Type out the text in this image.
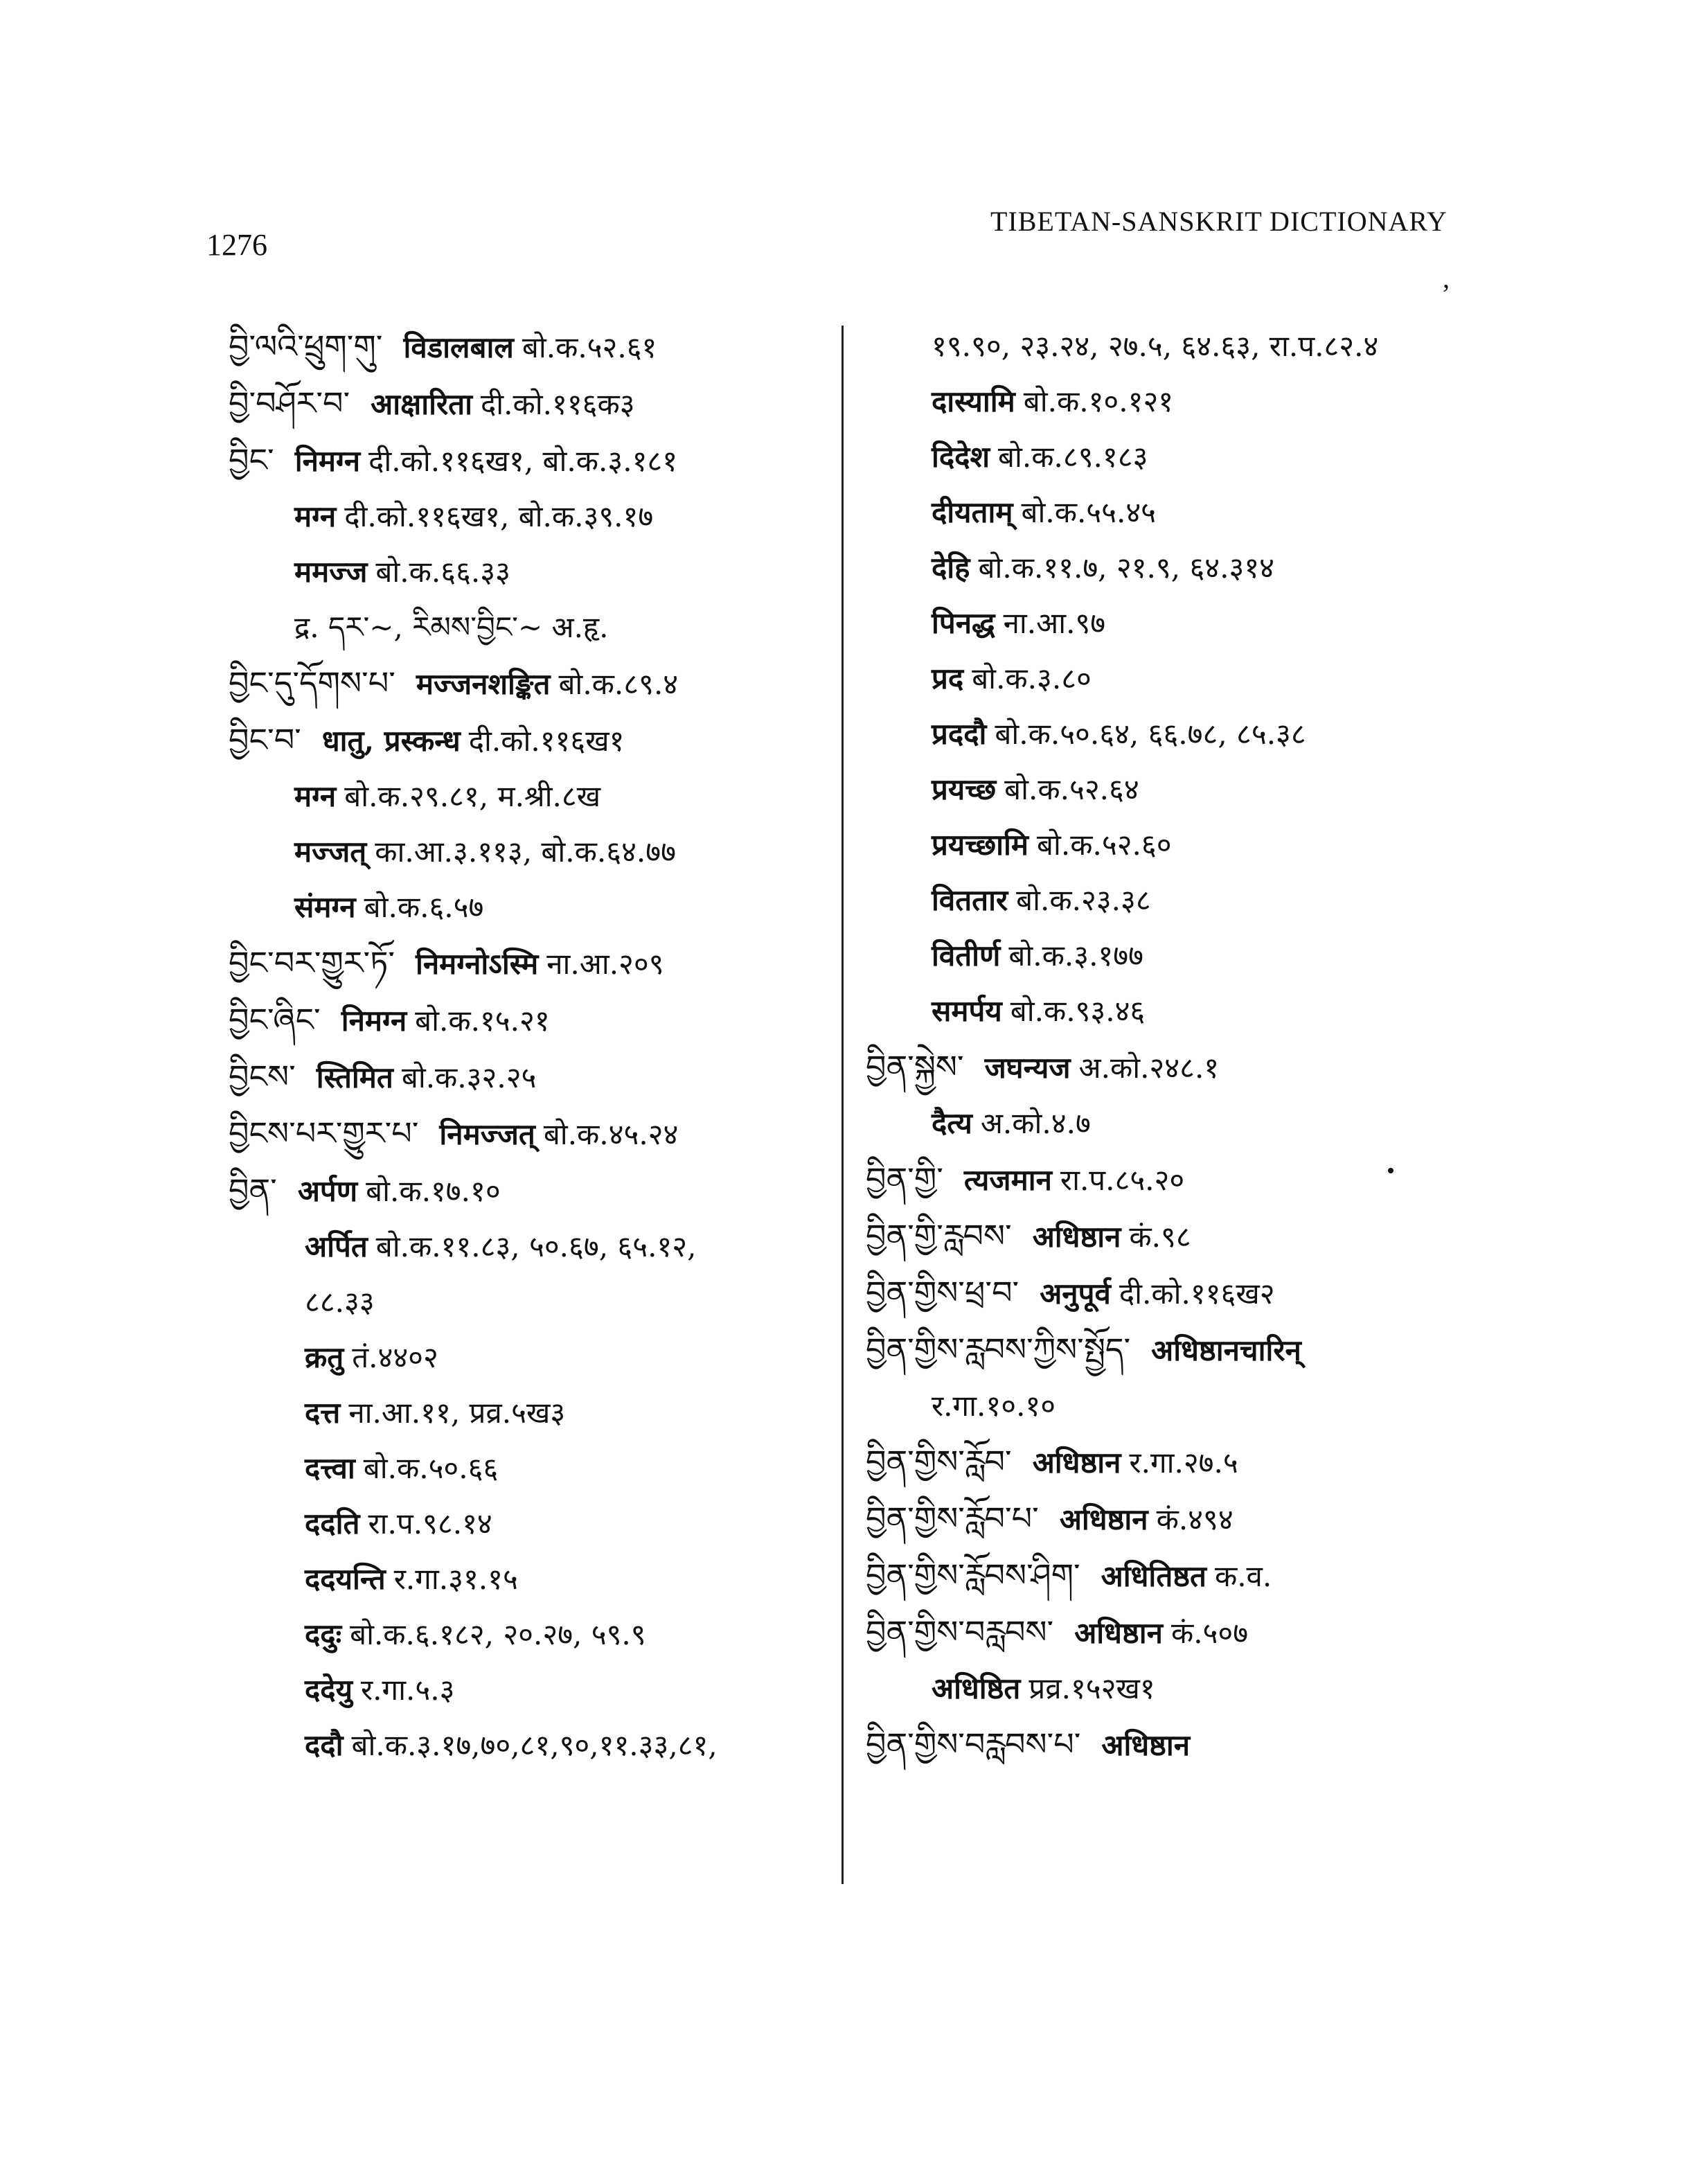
1276
TIBETAN-SANSKRIT DICTIONARY
,
བྱི་ལའི་ཕྲུག་གུ་ विडालबाल बो.क.५२.६१
བྱི་བཤོར་བ་ आक्षारिता दी.को.११६क३
བྱིང་ निमग्न दी.को.११६ख१, बो.क.३.१८१
मग्न दी.को.११६ख१, बो.क.३९.१७
ममज्ज बो.क.६६.३३
द्र. དར་~, རིམས་བྱིང་~ अ.हृ.
བྱིང་དུ་དོགས་པ་ मज्जनशङ्कित बो.क.८९.४
བྱིང་བ་ धातु, प्रस्कन्ध दी.को.११६ख१
मग्न बो.क.२९.८१, म.श्री.८ख
मज्जत् का.आ.३.११३, बो.क.६४.७७
संमग्न बो.क.६.५७
བྱིང་བར་གྱུར་ཏོ་ निमग्नोऽस्मि ना.आ.२०९
བྱིང་ཞིང་ निमग्न बो.क.१५.२१
བྱིངས་ स्तिमित बो.क.३२.२५
བྱིངས་པར་གྱུར་པ་ निमज्जत् बो.क.४५.२४
བྱིན་ अर्पण बो.क.१७.१०
अर्पित बो.क.११.८३, ५०.६७, ६५.१२,
८८.३३
क्रतु तं.४४०२
दत्त ना.आ.११, प्रव्र.५ख३
दत्त्वा बो.क.५०.६६
ददति रा.प.९८.१४
ददयन्ति र.गा.३१.१५
ददुः बो.क.६.१८२, २०.२७, ५९.९
ददेयु र.गा.५.३
ददौ बो.क.३.१७,७०,८१,९०,११.३३,८१,
१९.९०, २३.२४, २७.५, ६४.६३, रा.प.८२.४
दास्यामि बो.क.१०.१२१
दिदेश बो.क.८९.१८३
दीयताम् बो.क.५५.४५
देहि बो.क.११.७, २१.९, ६४.३१४
पिनद्ध ना.आ.९७
प्रद बो.क.३.८०
प्रददौ बो.क.५०.६४, ६६.७८, ८५.३८
प्रयच्छ बो.क.५२.६४
प्रयच्छामि बो.क.५२.६०
विततार बो.क.२३.३८
वितीर्ण बो.क.३.१७७
समर्पय बो.क.९३.४६
བྱིན་སྐྱེས་ जघन्यज अ.को.२४८.१
दैत्य अ.को.४.७
བྱིན་གྱི་ त्यजमान रा.प.८५.२०
བྱིན་གྱི་རླབས་ अधिष्ठान कं.९८
བྱིན་གྱིས་ཕྲ་བ་ अनुपूर्व दी.को.११६ख२
བྱིན་གྱིས་རླབས་ཀྱིས་སྤྱོད་ अधिष्ठानचारिन्
र.गा.१०.१०
བྱིན་གྱིས་རློབ་ अधिष्ठान र.गा.२७.५
བྱིན་གྱིས་རློབ་པ་ अधिष्ठान कं.४९४
བྱིན་གྱིས་རློབས་ཤིག་ अधितिष्ठत क.व.
བྱིན་གྱིས་བརླབས་ अधिष्ठान कं.५०७
अधिष्ठित प्रव्र.१५२ख१
བྱིན་གྱིས་བརླབས་པ་ अधिष्ठान
